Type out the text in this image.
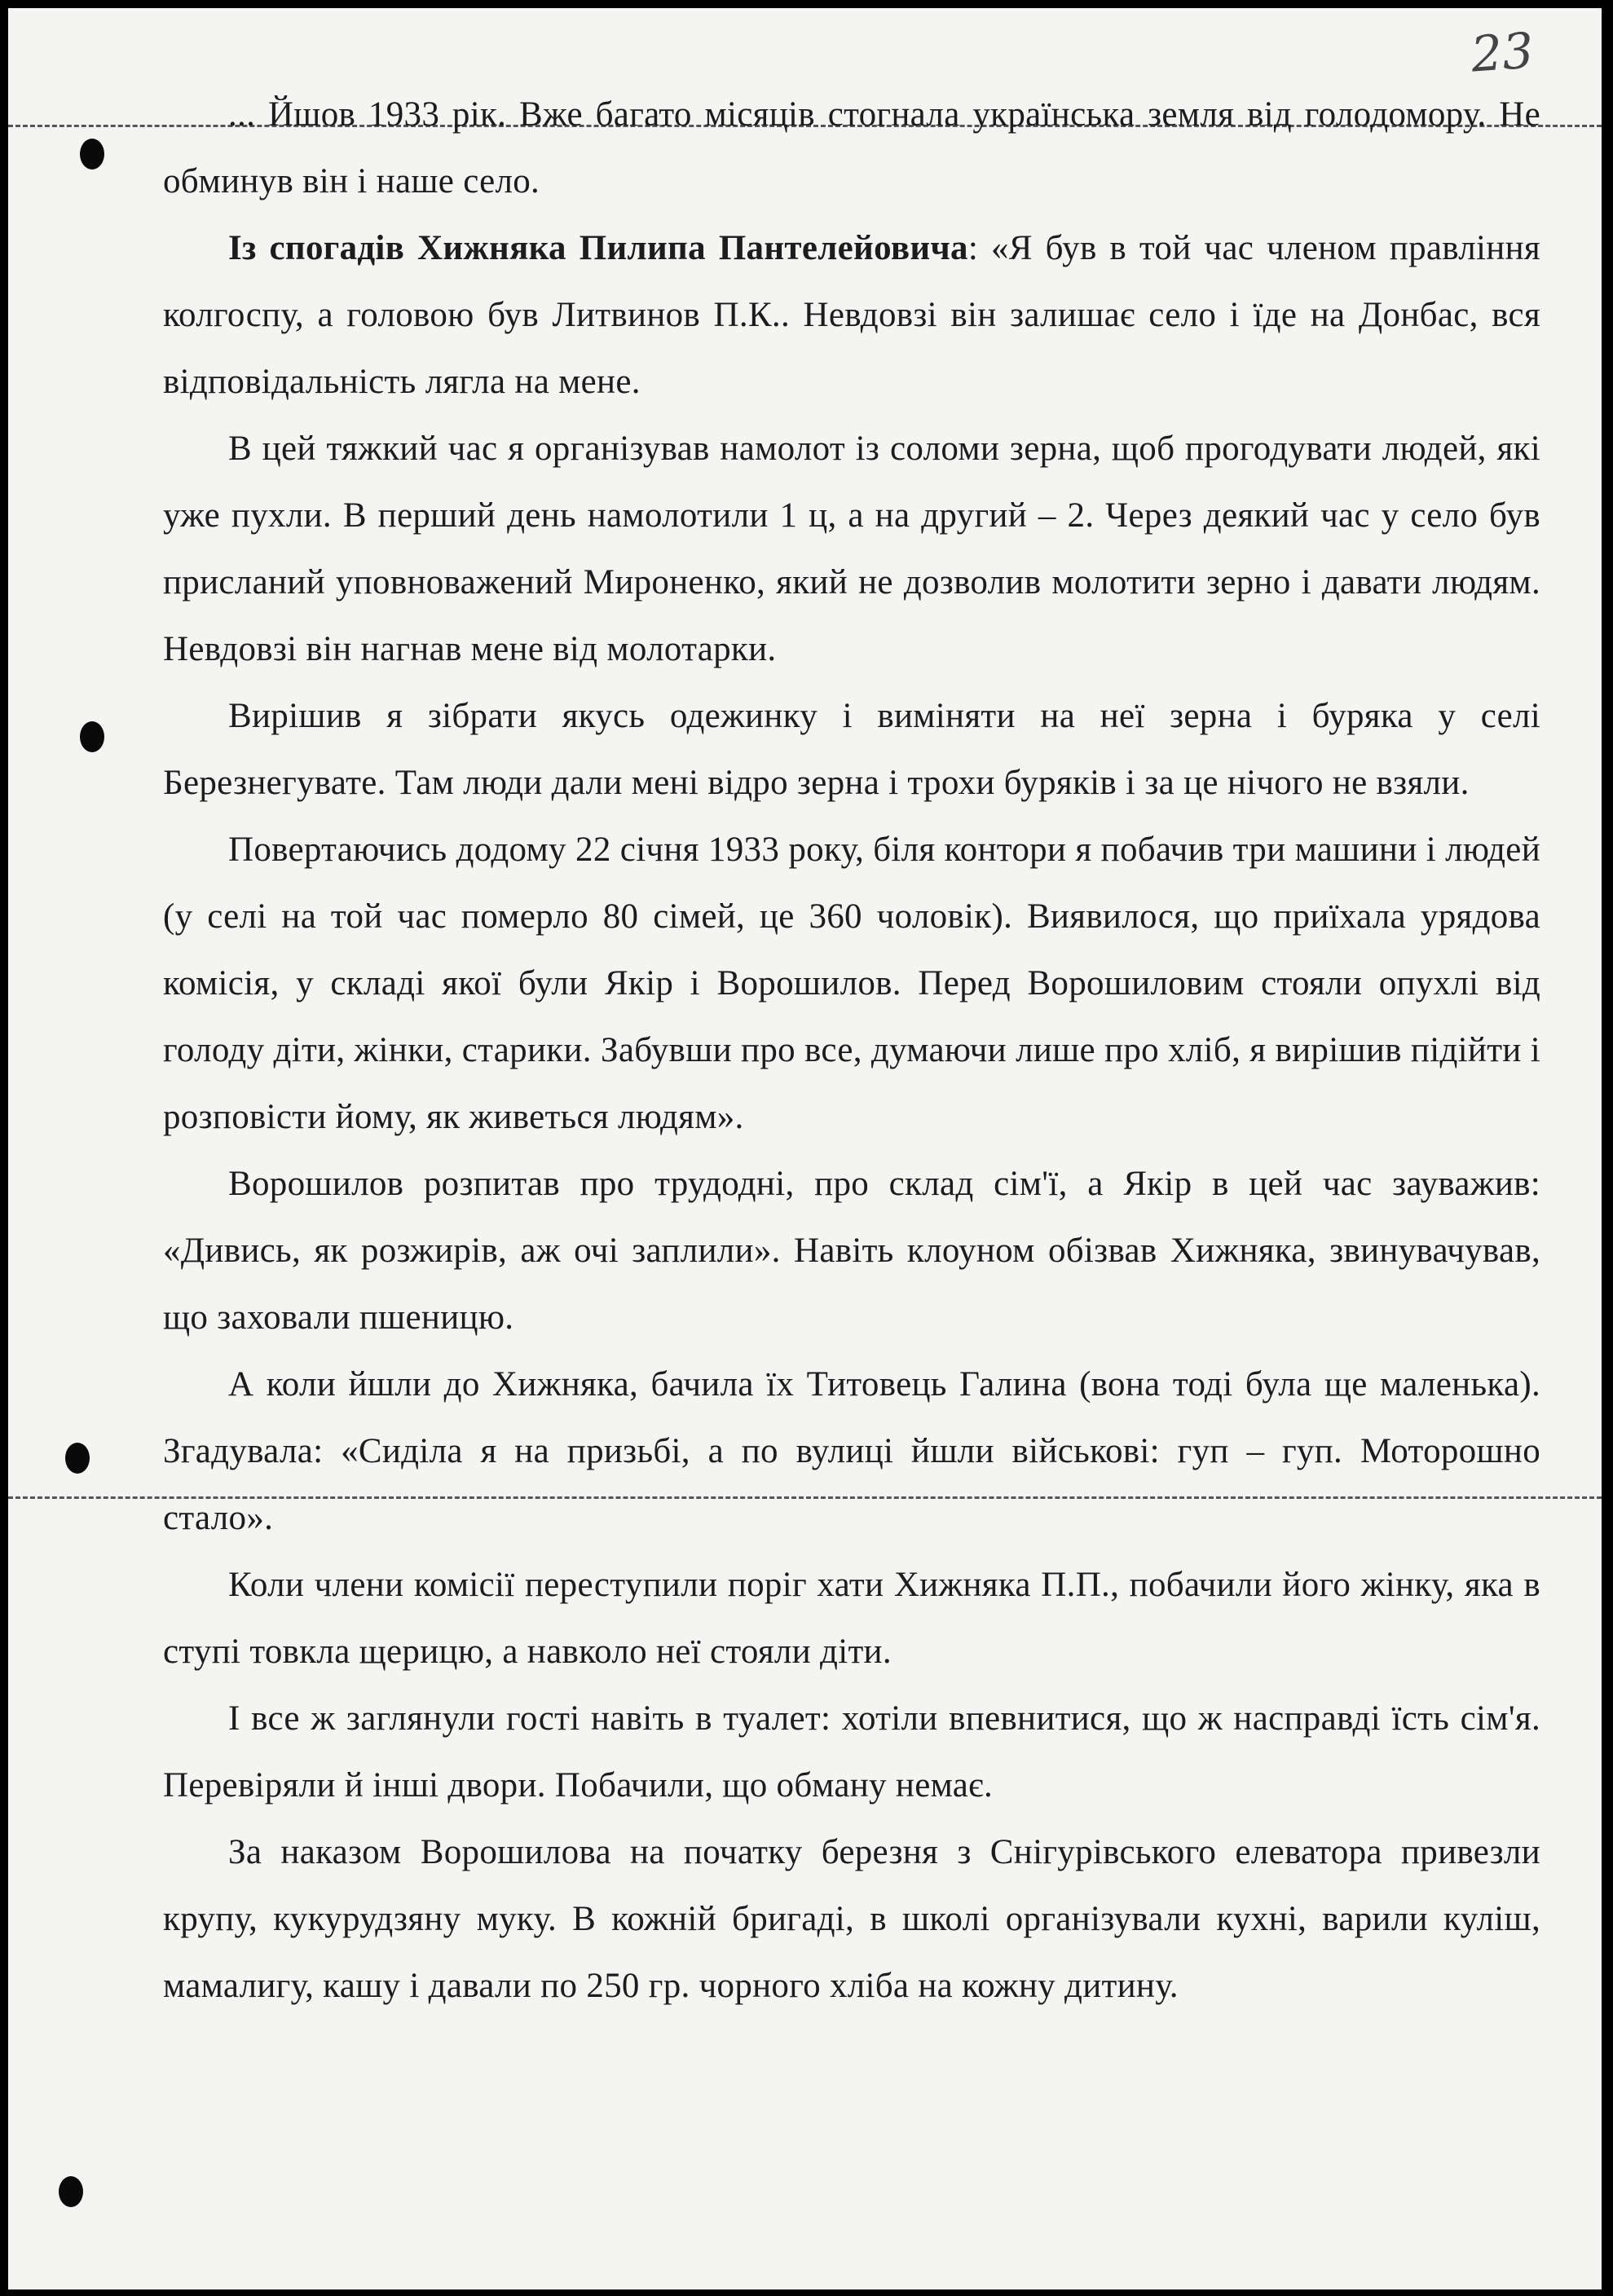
23

... Йшов 1933 рік. Вже багато місяців стогнала українська земля від голодомору. Не обминув він і наше село.

Із спогадів Хижняка Пилипа Пантелейовича: «Я був в той час членом правління колгоспу, а головою був Литвинов П.К.. Невдовзі він залишає село і їде на Донбас, вся відповідальність лягла на мене.

В цей тяжкий час я організував намолот із соломи зерна, щоб прогодувати людей, які уже пухли. В перший день намолотили 1 ц, а на другий – 2. Через деякий час у село був присланий уповноважений Мироненко, який не дозволив молотити зерно і давати людям. Невдовзі він нагнав мене від молотарки.

Вирішив я зібрати якусь одежинку і виміняти на неї зерна і буряка у селі Березнегувате. Там люди дали мені відро зерна і трохи буряків і за це нічого не взяли.

Повертаючись додому 22 січня 1933 року, біля контори я побачив три машини і людей (у селі на той час померло 80 сімей, це 360 чоловік). Виявилося, що приїхала урядова комісія, у складі якої були Якір і Ворошилов. Перед Ворошиловим стояли опухлі від голоду діти, жінки, старики. Забувши про все, думаючи лише про хліб, я вирішив підійти і розповісти йому, як живеться людям».

Ворошилов розпитав про трудодні, про склад сім'ї, а Якір в цей час зауважив: «Дивись, як розжирів, аж очі заплили». Навіть клоуном обізвав Хижняка, звинувачував, що заховали пшеницю.

А коли йшли до Хижняка, бачила їх Титовець Галина (вона тоді була ще маленька). Згадувала: «Сиділа я на призьбі, а по вулиці йшли військові: гуп – гуп. Моторошно стало».

Коли члени комісії переступили поріг хати Хижняка П.П., побачили його жінку, яка в ступі товкла щерицю, а навколо неї стояли діти.

І все ж заглянули гості навіть в туалет: хотіли впевнитися, що ж насправді їсть сім'я. Перевіряли й інші двори. Побачили, що обману немає.

За наказом Ворошилова на початку березня з Снігурівського елеватора привезли крупу, кукурудзяну муку. В кожній бригаді, в школі організували кухні, варили куліш, мамалигу, кашу і давали по 250 гр. чорного хліба на кожну дитину.
